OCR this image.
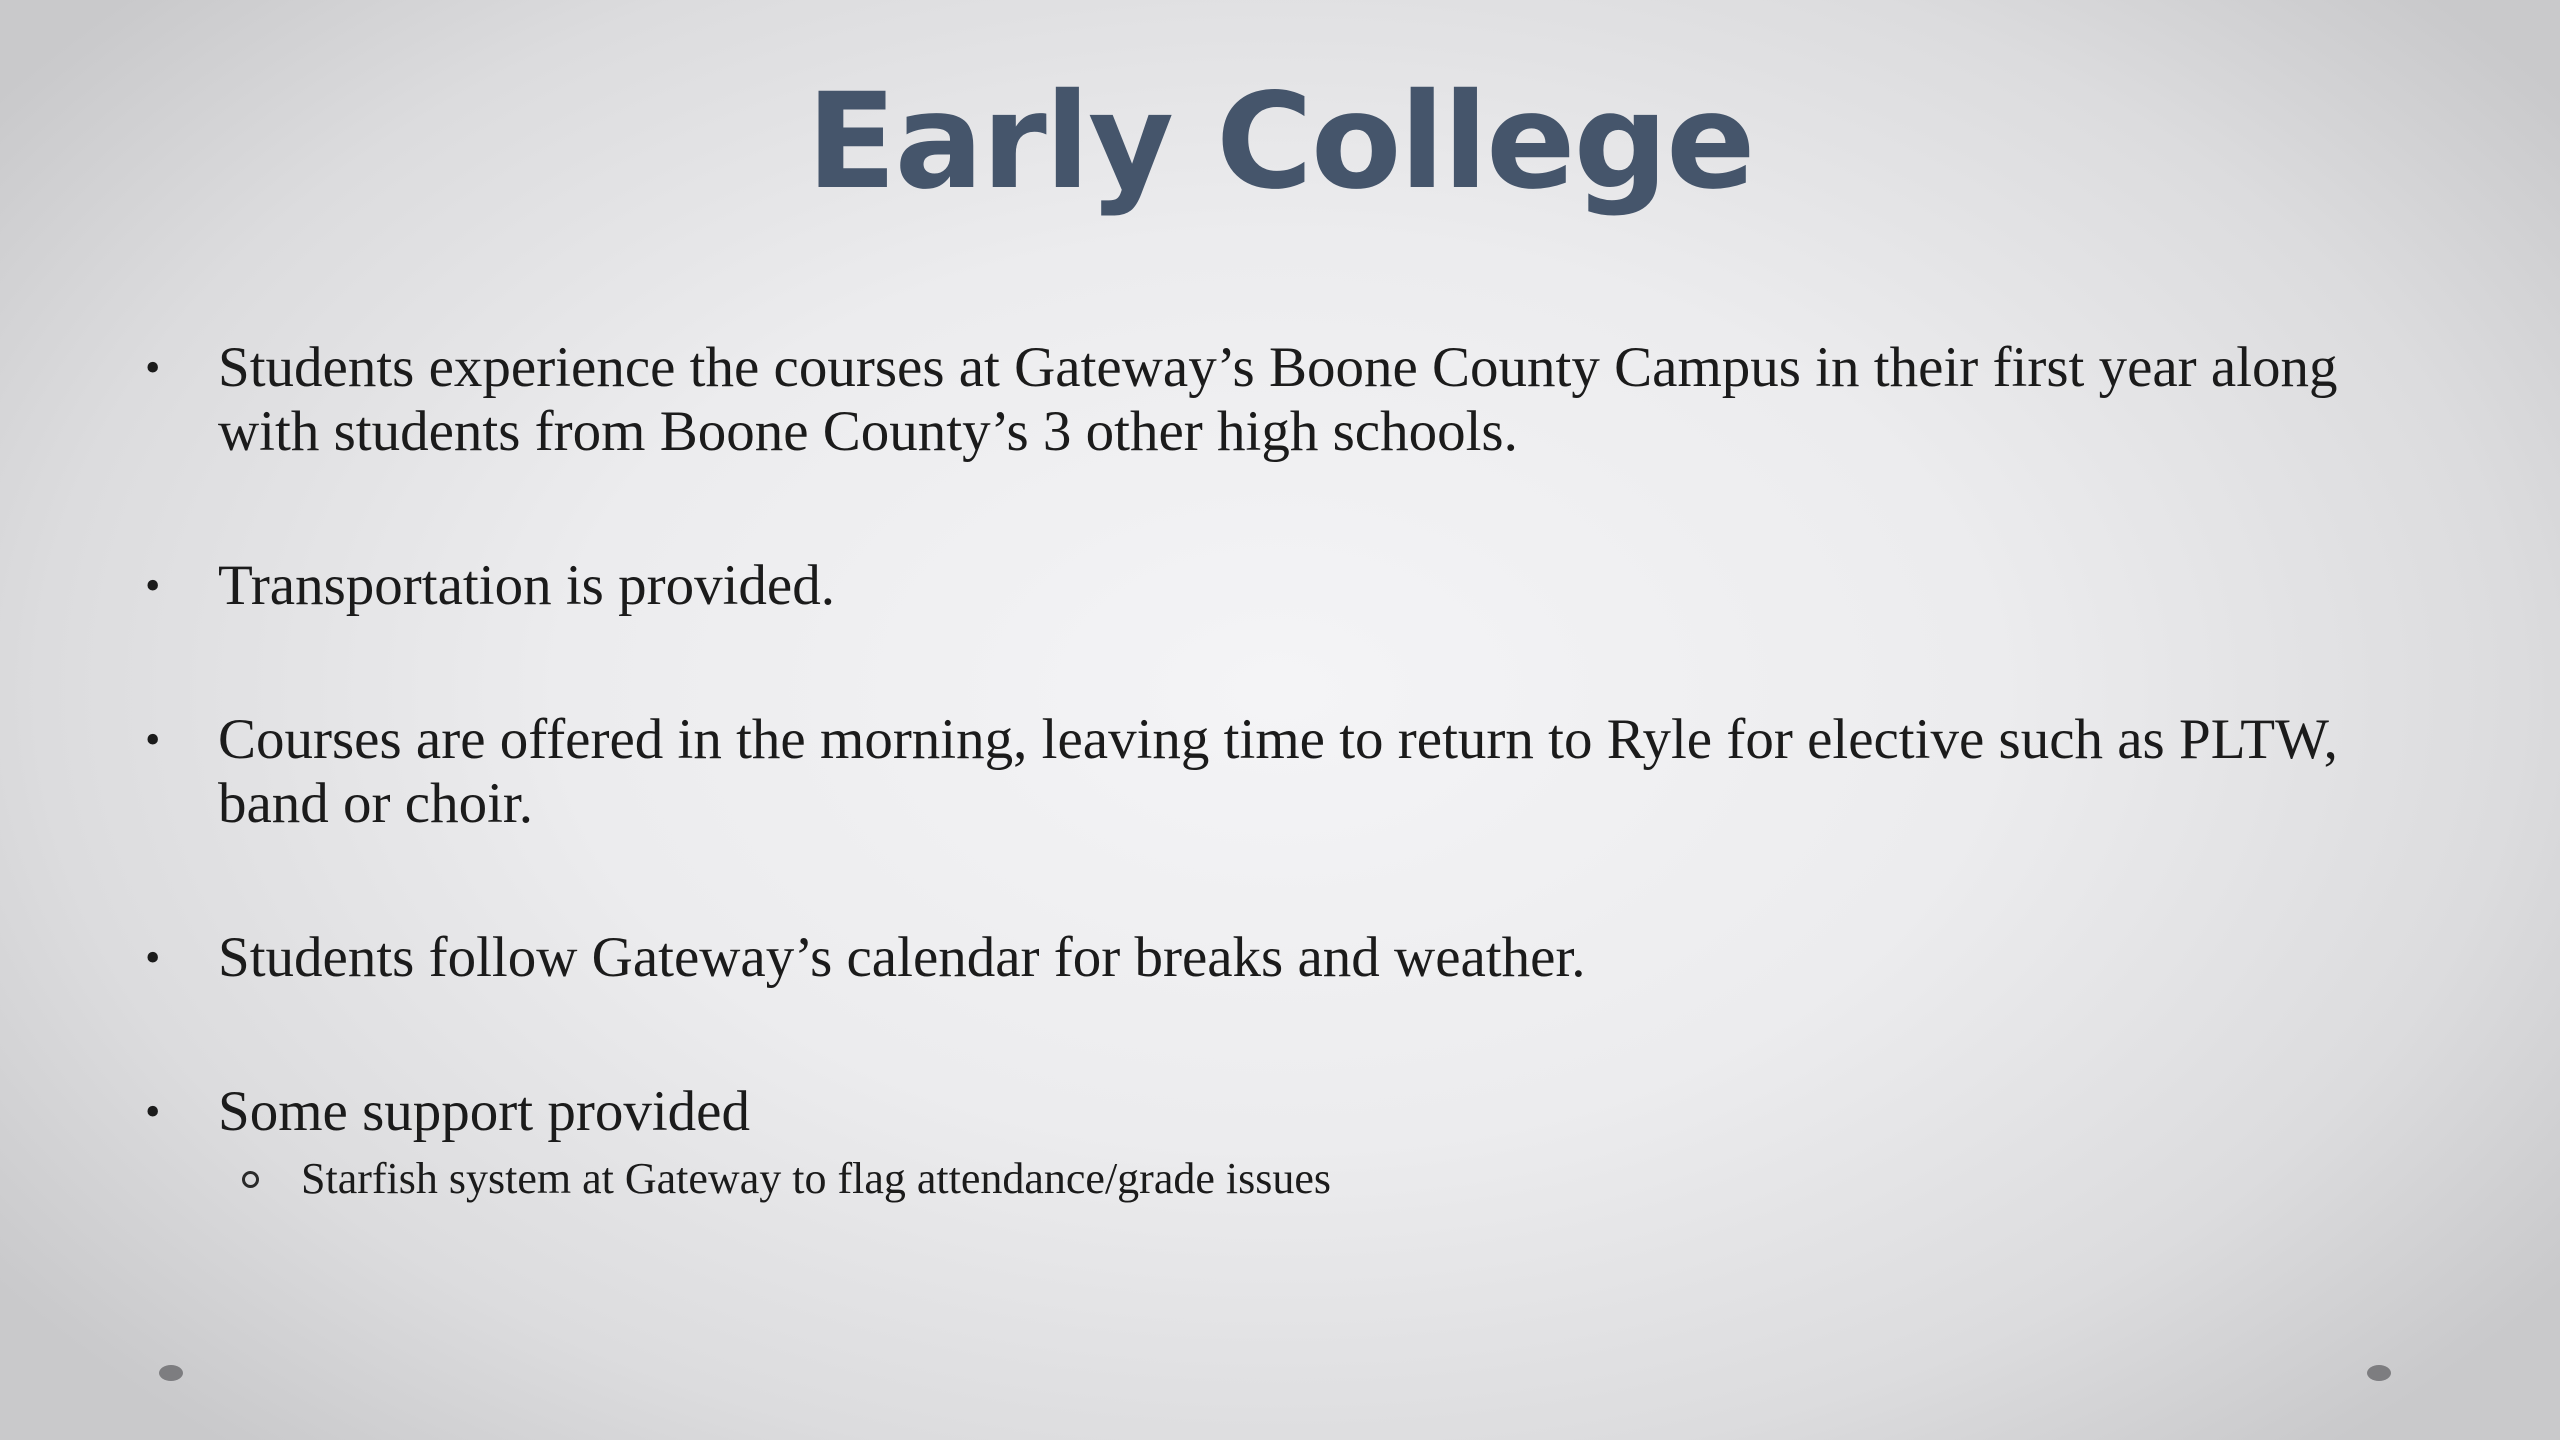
Early College
• Students experience the courses at Gateway’s Boone County Campus in their first year along with students from Boone County’s 3 other high schools.
• Transportation is provided.
• Courses are offered in the morning, leaving time to return to Ryle for elective such as PLTW, band or choir.
• Students follow Gateway’s calendar for breaks and weather.
• Some support provided
Starfish system at Gateway to flag attendance/grade issues
